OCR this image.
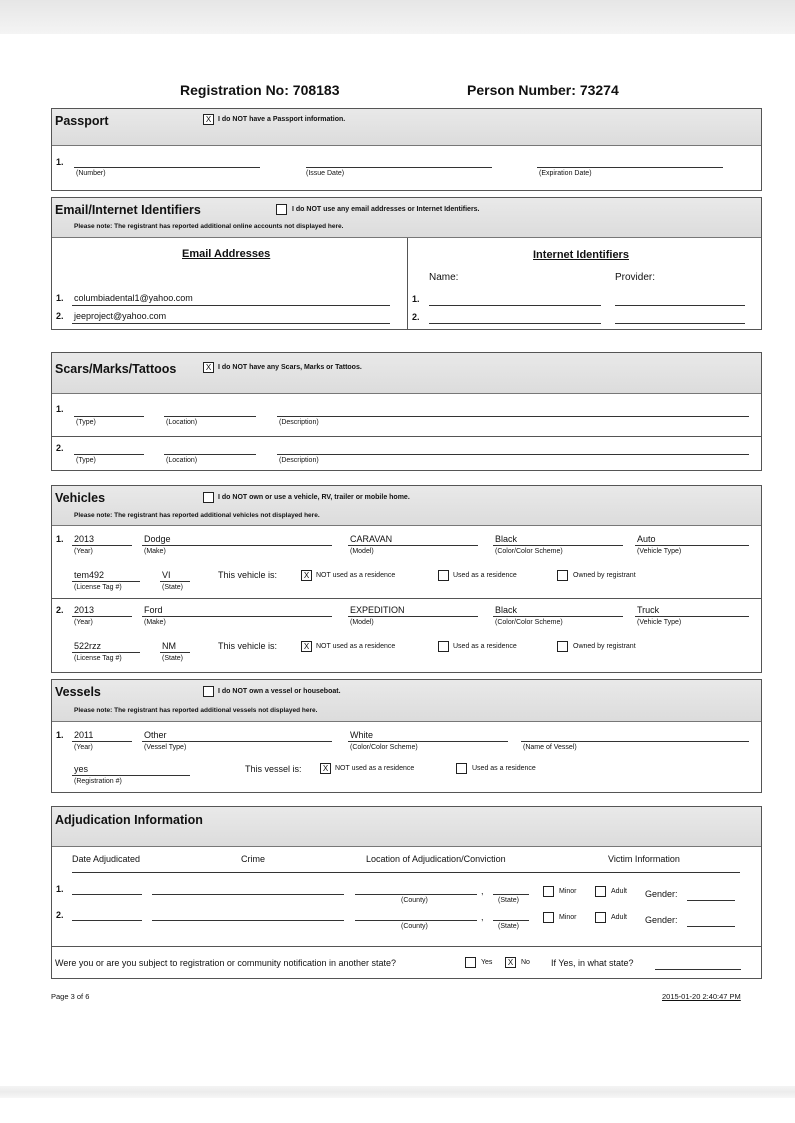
Registration No: 708183	Person Number: 73274
Passport	X I do NOT have a Passport information.
1.
(Number)	(Issue Date)	(Expiration Date)
Email/Internet Identifiers	I do NOT use any email addresses or Internet Identifiers.
Please note: The registrant has reported additional online accounts not displayed here.
Email Addresses	Internet Identifiers
Name:	Provider:
1. columbiadental1@yahoo.com
2. jeeproject@yahoo.com
1.
2.
Scars/Marks/Tattoos	X I do NOT have any Scars, Marks or Tattoos.
1.
(Type)	(Location)	(Description)
2.
(Type)	(Location)	(Description)
Vehicles	I do NOT own or use a vehicle, RV, trailer or mobile home.
Please note: The registrant has reported additional vehicles not displayed here.
1. 2013	Dodge	CARAVAN	Black	Auto
(Year)	(Make)	(Model)	(Color/Color Scheme)	(Vehicle Type)
tem492	VI
(License Tag #)	(State)
This vehicle is:	X NOT used as a residence	Used as a residence	Owned by registrant
2. 2013	Ford	EXPEDITION	Black	Truck
(Year)	(Make)	(Model)	(Color/Color Scheme)	(Vehicle Type)
522rzz	NM
(License Tag #)	(State)
This vehicle is:	X NOT used as a residence	Used as a residence	Owned by registrant
Vessels	I do NOT own a vessel or houseboat.
Please note: The registrant has reported additional vessels not displayed here.
1. 2011	Other	White
(Year)	(Vessel Type)	(Color/Color Scheme)	(Name of Vessel)
yes
(Registration #)
This vessel is:	X NOT used as a residence	Used as a residence
Adjudication Information
Date Adjudicated	Crime	Location of Adjudication/Conviction	Victim Information
1.	,
(County)	(State)
Minor	Adult Gender:
2.	,
(County)	(State)
Minor	Adult Gender:
Were you or are you subject to registration or community notification in another state?	Yes	X	No If Yes, in what state?
Page 3 of 6	2015-01-20 2:40:47 PM
